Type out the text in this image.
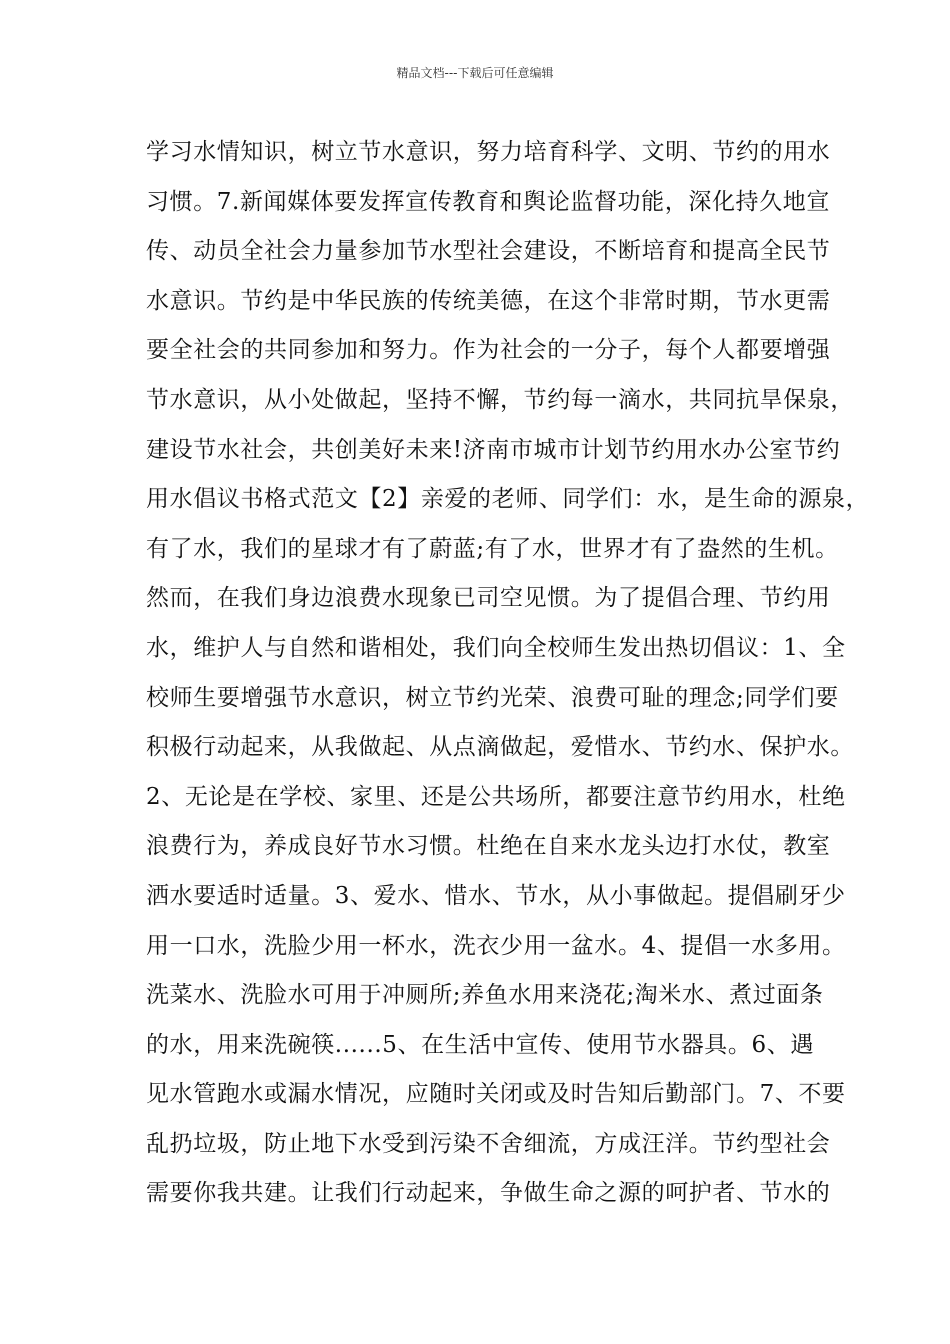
精品文档---下载后可任意编辑
学习水情知识，树立节水意识，努力培育科学、文明、节约的用水
习惯。7.新闻媒体要发挥宣传教育和舆论监督功能，深化持久地宣
传、动员全社会力量参加节水型社会建设，不断培育和提高全民节
水意识。节约是中华民族的传统美德，在这个非常时期，节水更需
要全社会的共同参加和努力。作为社会的一分子，每个人都要增强
节水意识，从小处做起，坚持不懈，节约每一滴水，共同抗旱保泉，
建设节水社会，共创美好未来!济南市城市计划节约用水办公室节约
用水倡议书格式范文【2】亲爱的老师、同学们：水，是生命的源泉，
有了水，我们的星球才有了蔚蓝;有了水，世界才有了盎然的生机。
然而，在我们身边浪费水现象已司空见惯。为了提倡合理、节约用
水，维护人与自然和谐相处，我们向全校师生发出热切倡议：1、全
校师生要增强节水意识，树立节约光荣、浪费可耻的理念;同学们要
积极行动起来，从我做起、从点滴做起，爱惜水、节约水、保护水。
2、无论是在学校、家里、还是公共场所，都要注意节约用水，杜绝
浪费行为，养成良好节水习惯。杜绝在自来水龙头边打水仗，教室
洒水要适时适量。3、爱水、惜水、节水，从小事做起。提倡刷牙少
用一口水，洗脸少用一杯水，洗衣少用一盆水。4、提倡一水多用。
洗菜水、洗脸水可用于冲厕所;养鱼水用来浇花;淘米水、煮过面条
的水，用来洗碗筷......5、在生活中宣传、使用节水器具。6、遇
见水管跑水或漏水情况，应随时关闭或及时告知后勤部门。7、不要
乱扔垃圾，防止地下水受到污染不舍细流，方成汪洋。节约型社会
需要你我共建。让我们行动起来，争做生命之源的呵护者、节水的
